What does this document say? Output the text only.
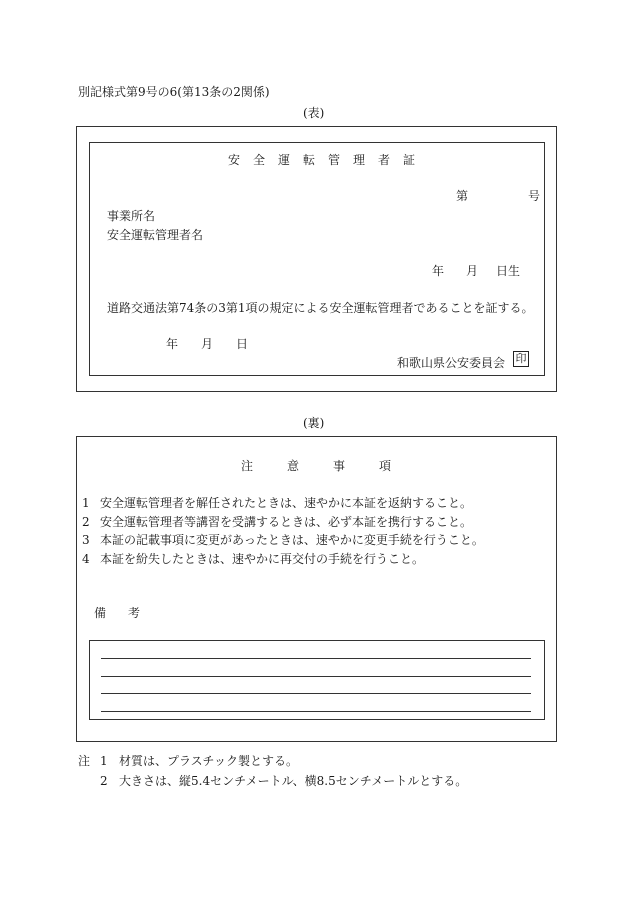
別記様式第9号の6(第13条の2関係)
(表)
安全運転管理者証
第	号
事業所名
安全運転管理者名
年 月 日生
道路交通法第74条の3第1項の規定による安全運転管理者であることを証する。
年 月 日
和歌山県公安委員会 印
(裏)
注意事項
1 安全運転管理者を解任されたときは、速やかに本証を返納すること。
2 安全運転管理者等講習を受講するときは、必ず本証を携行すること。
3 本証の記載事項に変更があったときは、速やかに変更手続を行うこと。
4 本証を紛失したときは、速やかに再交付の手続を行うこと。
備考
注 1 材質は、プラスチック製とする。
2 大きさは、縦5.4センチメートル、横8.5センチメートルとする。
